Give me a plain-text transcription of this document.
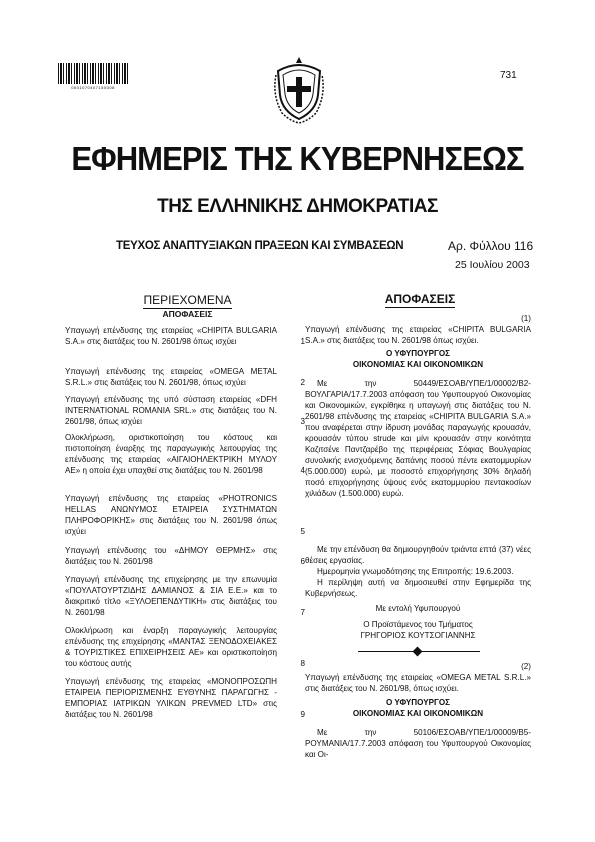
0001070407150008
731
ΕΦΗΜΕΡΙΣ ΤΗΣ ΚΥΒΕΡΝΗΣΕΩΣ
ΤΗΣ ΕΛΛΗΝΙΚΗΣ ΔΗΜΟΚΡΑΤΙΑΣ
ΤΕΥΧΟΣ ΑΝΑΠΤΥΞΙΑΚΩΝ ΠΡΑΞΕΩΝ ΚΑΙ ΣΥΜΒΑΣΕΩΝ	Αρ. Φύλλου 116
25 Ιουλίου 2003
ΠΕΡΙΕΧΟΜΕΝΑ
ΑΠΟΦΑΣΕΙΣ
Υπαγωγή επένδυσης της εταιρείας «CHIPITA BULGARIA S.A.» στις διατάξεις του Ν. 2601/98 όπως ισχύει	1
Υπαγωγή επένδυσης της εταιρείας «OMEGA METAL S.R.L.» στις διατάξεις του Ν. 2601/98, όπως ισχύει	2
Υπαγωγή επένδυσης της υπό σύσταση εταιρείας «DFH INTERNATIONAL ROMANIA SRL.» στις διατάξεις του Ν. 2601/98, όπως ισχύει	3
Ολοκλήρωση, οριστικοποίηση του κόστους και πιστοποίηση έναρξης της παραγωγικής λειτουργίας της επένδυσης της εταιρείας «ΑΙΓΑΙΟΗΛΕΚΤΡΙΚΗ ΜΥΛΟΥ ΑΕ» η οποία έχει υπαχθεί στις διατάξεις του Ν. 2601/98	4
Υπαγωγή επένδυσης της εταιρείας «PHOTRONICS HELLAS ΑΝΩΝΥΜΟΣ ΕΤΑΙΡΕΙΑ ΣΥΣΤΗΜΑΤΩΝ ΠΛΗΡΟΦΟΡΙΚΗΣ» στις διατάξεις του Ν. 2601/98 όπως ισχύει	5
Υπαγωγή επένδυσης του «ΔΗΜΟΥ ΘΕΡΜΗΣ» στις διατάξεις του Ν. 2601/98	6
Υπαγωγή επένδυσης της επιχείρησης με την επωνυμία «ΠΟΥΛΑΤΟΥΡΤΖΙΔΗΣ ΔΑΜΙΑΝΟΣ & ΣΙΑ Ε.Ε.» και το διακριτικό τίτλο «ΞΥΛΟΕΠΕΝΔΥΤΙΚΗ» στις διατάξεις του Ν. 2601/98	7
Ολοκλήρωση και έναρξη παραγωγικής λειτουργίας επένδυσης της επιχείρησης «ΜΑΝΤΑΣ ΞΕΝΟΔΟΧΕΙΑΚΕΣ & ΤΟΥΡΙΣΤΙΚΕΣ ΕΠΙΧΕΙΡΗΣΕΙΣ ΑΕ» και οριστικοποίηση του κόστους αυτής	8
Υπαγωγή επένδυσης της εταιρείας «ΜΟΝΟΠΡΟΣΩΠΗ ΕΤΑΙΡΕΙΑ ΠΕΡΙΟΡΙΣΜΕΝΗΣ ΕΥΘΥΝΗΣ ΠΑΡΑΓΩΓΗΣ - ΕΜΠΟΡΙΑΣ ΙΑΤΡΙΚΩΝ ΥΛΙΚΩΝ PREVMED LTD» στις διατάξεις του Ν. 2601/98	9
ΑΠΟΦΑΣΕΙΣ
(1)
Υπαγωγή επένδυσης της εταιρείας «CHIPITA BULGARIA S.A.» στις διατάξεις του Ν. 2601/98 όπως ισχύει.
Ο ΥΦΥΠΟΥΡΓΟΣ
ΟΙΚΟΝΟΜΙΑΣ ΚΑΙ ΟΙΚΟΝΟΜΙΚΩΝ
Με την 50449/ΕΣΟΑΒ/ΥΠΕ/1/00002/Β2-ΒΟΥΛΓΑΡΙΑ/17.7.2003 απόφαση του Υφυπουργού Οικονομίας και Οικονομικών, εγκρίθηκε η υπαγωγή στις διατάξεις του Ν. 2601/98 επένδυσης της εταιρείας «CHIPITA BULGARIA S.A.» που αναφέρεται στην ίδρυση μονάδας παραγωγής κρουασάν, κρουασάν τύπου strude και μίνι κρουασάν στην κοινότητα Καζιτσένε Παντζαρέβο της περιφέρειας Σόφιας Βουλγαρίας συνολικής ενισχυόμενης δαπάνης ποσού πέντε εκατομμυρίων (5.000.000) ευρώ, με ποσοστό επιχορήγησης 30% δηλαδή ποσό επιχορήγησης ύψους ενός εκατομμυρίου πεντακοσίων χιλιάδων (1.500.000) ευρώ.
Με την επένδυση θα δημιουργηθούν τριάντα επτά (37) νέες θέσεις εργασίας.
Ημερομηνία γνωμοδότησης της Επιτροπής: 19.6.2003.
Η περίληψη αυτή να δημοσιευθεί στην Εφημερίδα της Κυβερνήσεως.
Με εντολή Υφυπουργού
Ο Προϊστάμενος του Τμήματος
ΓΡΗΓΟΡΙΟΣ ΚΟΥΤΣΟΓΙΑΝΝΗΣ
(2)
Υπαγωγή επένδυσης της εταιρείας «OMEGA METAL S.R.L.» στις διατάξεις του Ν. 2601/98, όπως ισχύει.
Ο ΥΦΥΠΟΥΡΓΟΣ
ΟΙΚΟΝΟΜΙΑΣ ΚΑΙ ΟΙΚΟΝΟΜΙΚΩΝ
Με την 50106/ΕΣΟΑΒ/ΥΠΕ/1/00009/Β5-ΡΟΥΜΑΝΙΑ/17.7.2003 απόφαση του Υφυπουργού Οικονομίας και Οι-
